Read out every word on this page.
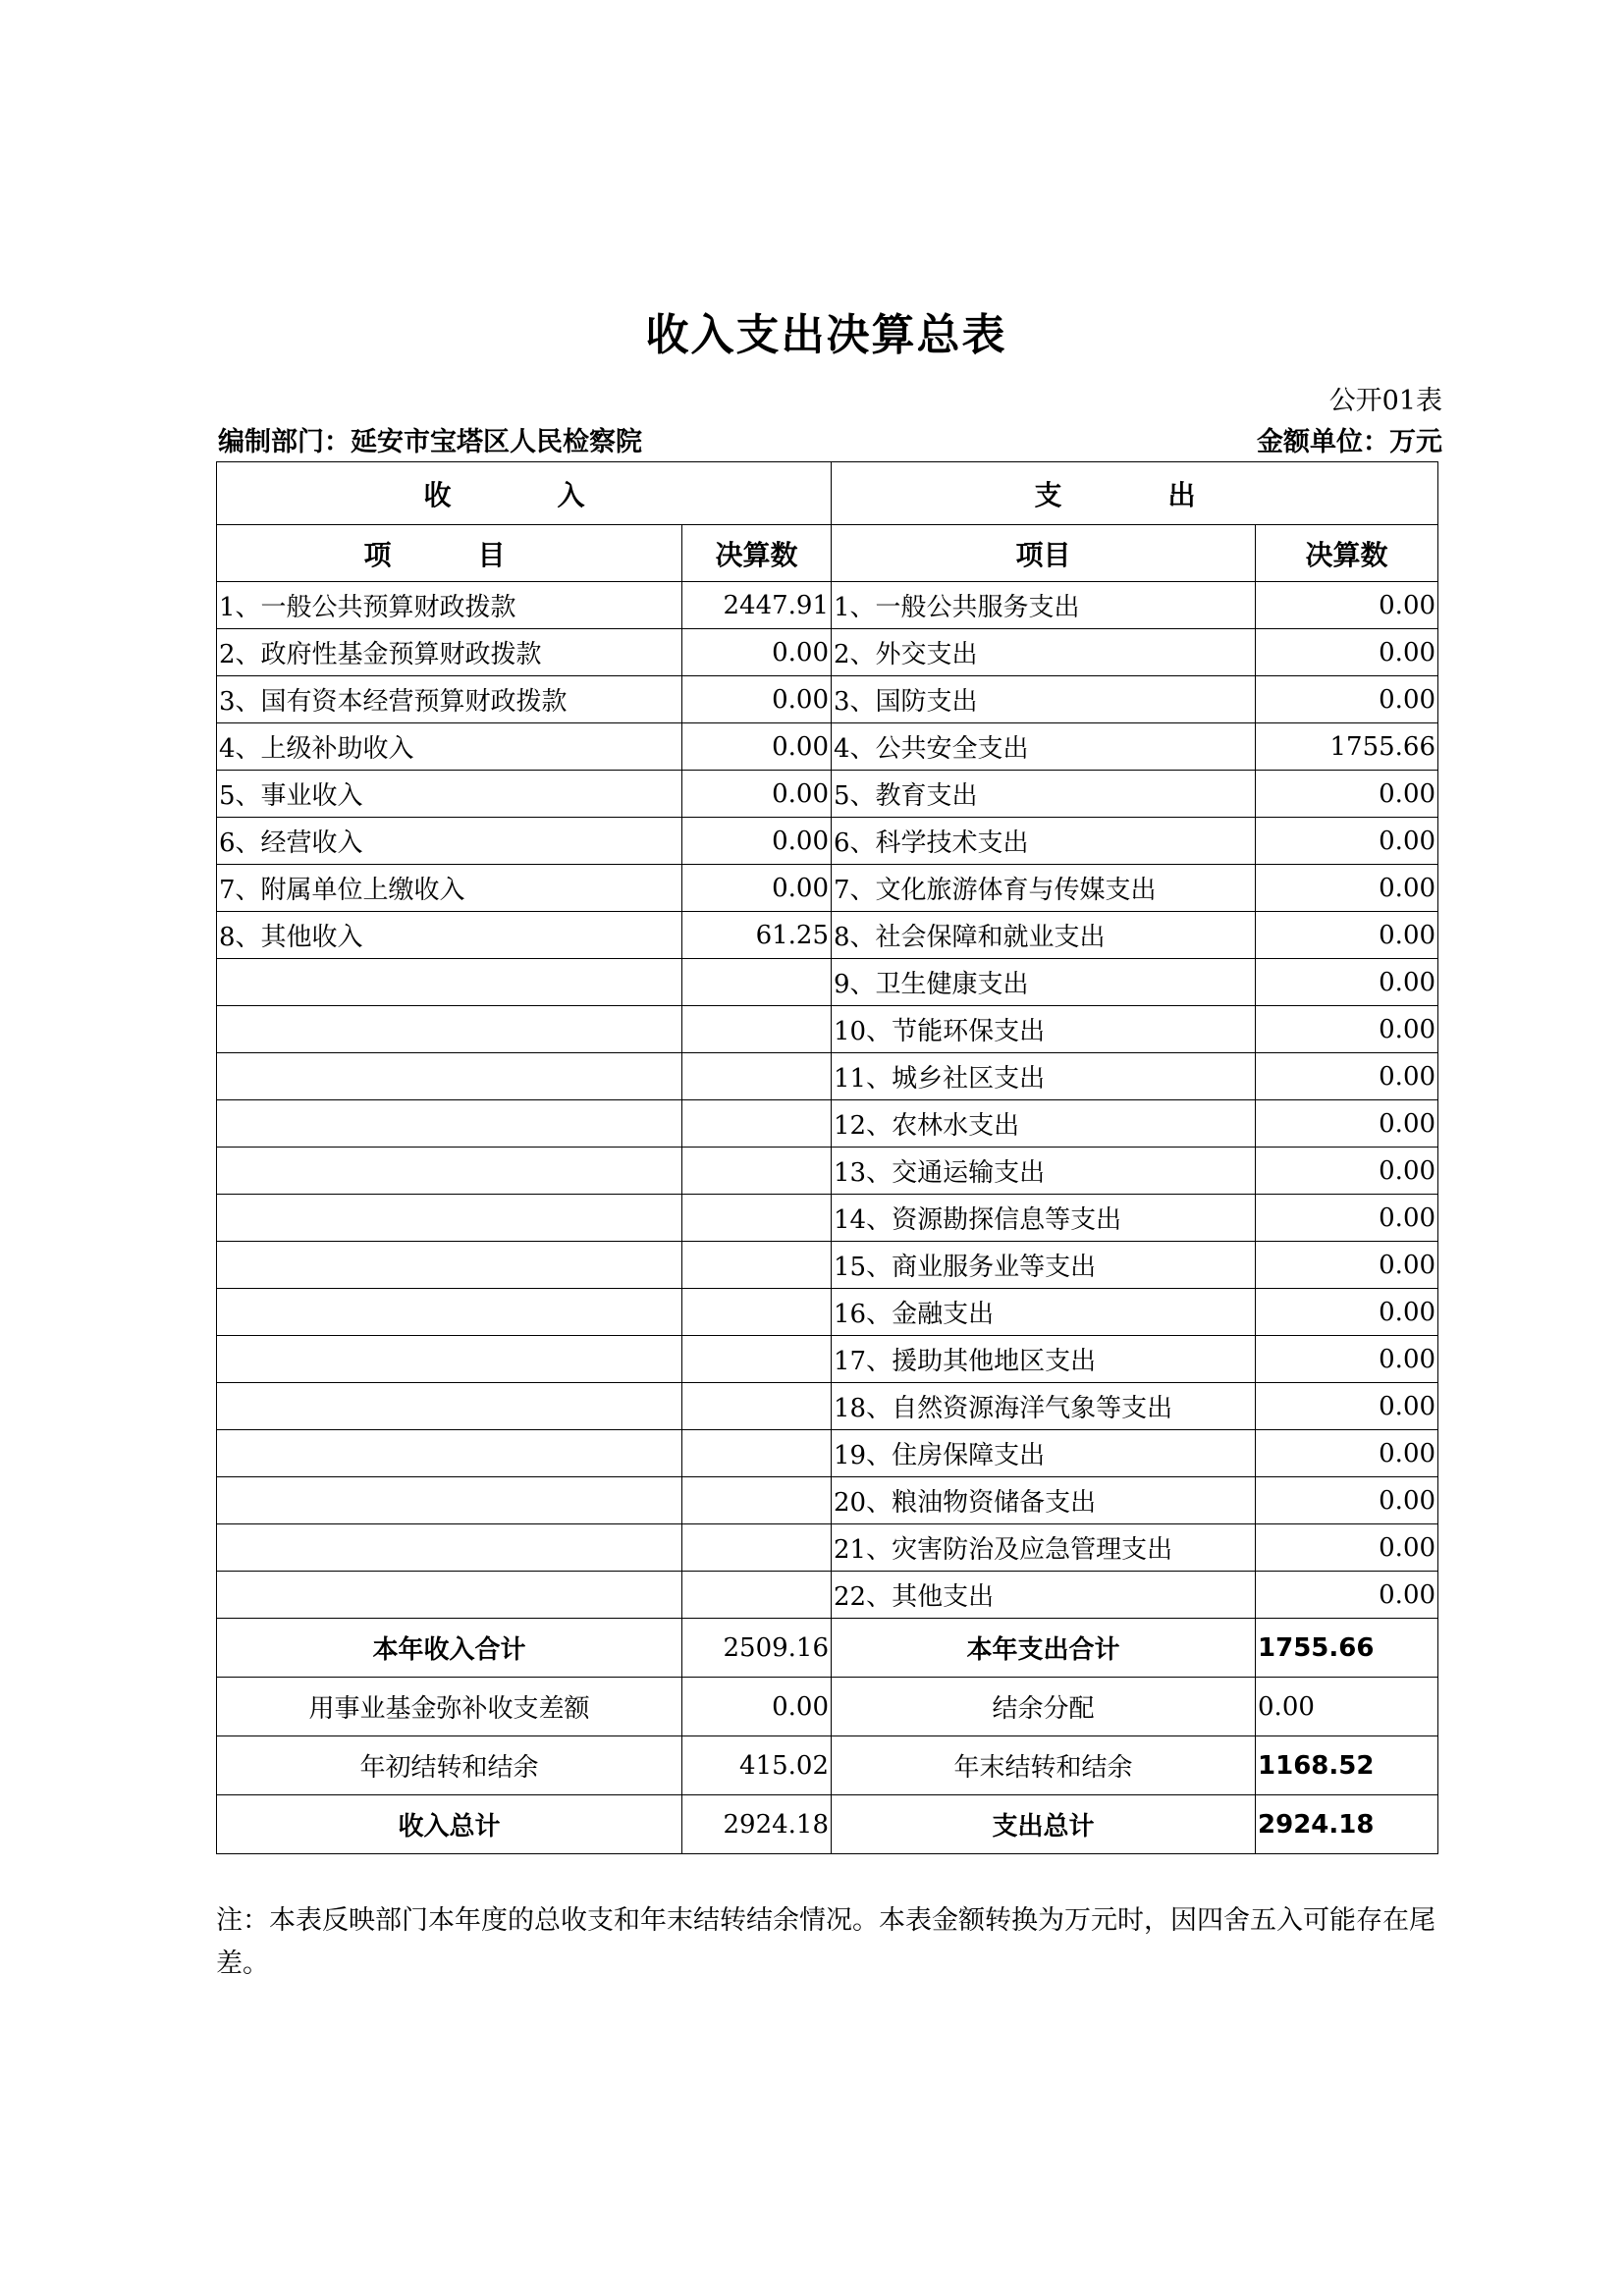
收入支出决算总表
公开01表
编制部门：延安市宝塔区人民检察院	金额单位：万元
收　入		支　出	
项　目	决算数	项目	决算数
1、一般公共预算财政拨款	2447.91	1、一般公共服务支出	0.00
2、政府性基金预算财政拨款	0.00	2、外交支出	0.00
3、国有资本经营预算财政拨款	0.00	3、国防支出	0.00
4、上级补助收入	0.00	4、公共安全支出	1755.66
5、事业收入	0.00	5、教育支出	0.00
6、经营收入	0.00	6、科学技术支出	0.00
7、附属单位上缴收入	0.00	7、文化旅游体育与传媒支出	0.00
8、其他收入	61.25	8、社会保障和就业支出	0.00
		9、卫生健康支出	0.00
		10、节能环保支出	0.00
		11、城乡社区支出	0.00
		12、农林水支出	0.00
		13、交通运输支出	0.00
		14、资源勘探信息等支出	0.00
		15、商业服务业等支出	0.00
		16、金融支出	0.00
		17、援助其他地区支出	0.00
		18、自然资源海洋气象等支出	0.00
		19、住房保障支出	0.00
		20、粮油物资储备支出	0.00
		21、灾害防治及应急管理支出	0.00
		22、其他支出	0.00
本年收入合计	2509.16	本年支出合计	1755.66
用事业基金弥补收支差额	0.00	结余分配	0.00
年初结转和结余	415.02	年末结转和结余	1168.52
收入总计	2924.18	支出总计	2924.18
注：本表反映部门本年度的总收支和年末结转结余情况。本表金额转换为万元时，因四舍五入可能存在尾差。
